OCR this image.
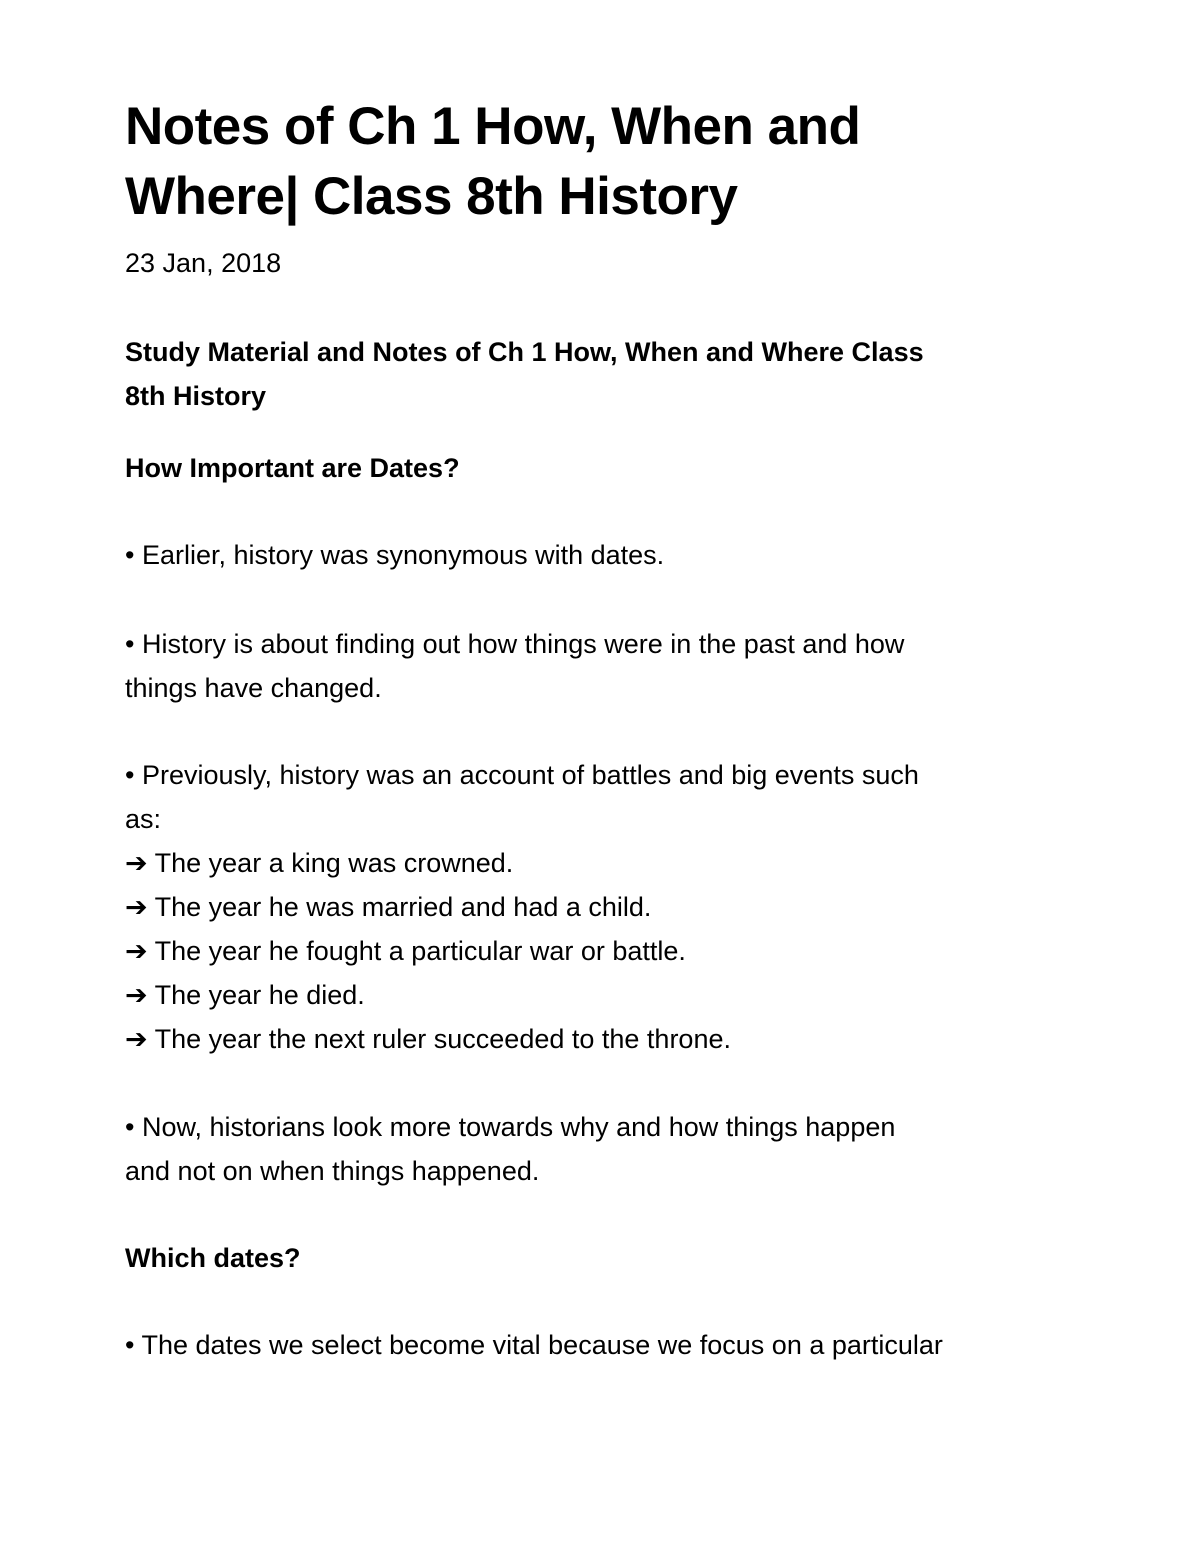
Notes of Ch 1 How, When and
Where| Class 8th History
23 Jan, 2018

Study Material and Notes of Ch 1 How, When and Where Class
8th History

How Important are Dates?

• Earlier, history was synonymous with dates.

• History is about finding out how things were in the past and how
things have changed.

• Previously, history was an account of battles and big events such
as:
➔ The year a king was crowned.
➔ The year he was married and had a child.
➔ The year he fought a particular war or battle.
➔ The year he died.
➔ The year the next ruler succeeded to the throne.

• Now, historians look more towards why and how things happen
and not on when things happened.

Which dates?

• The dates we select become vital because we focus on a particular
